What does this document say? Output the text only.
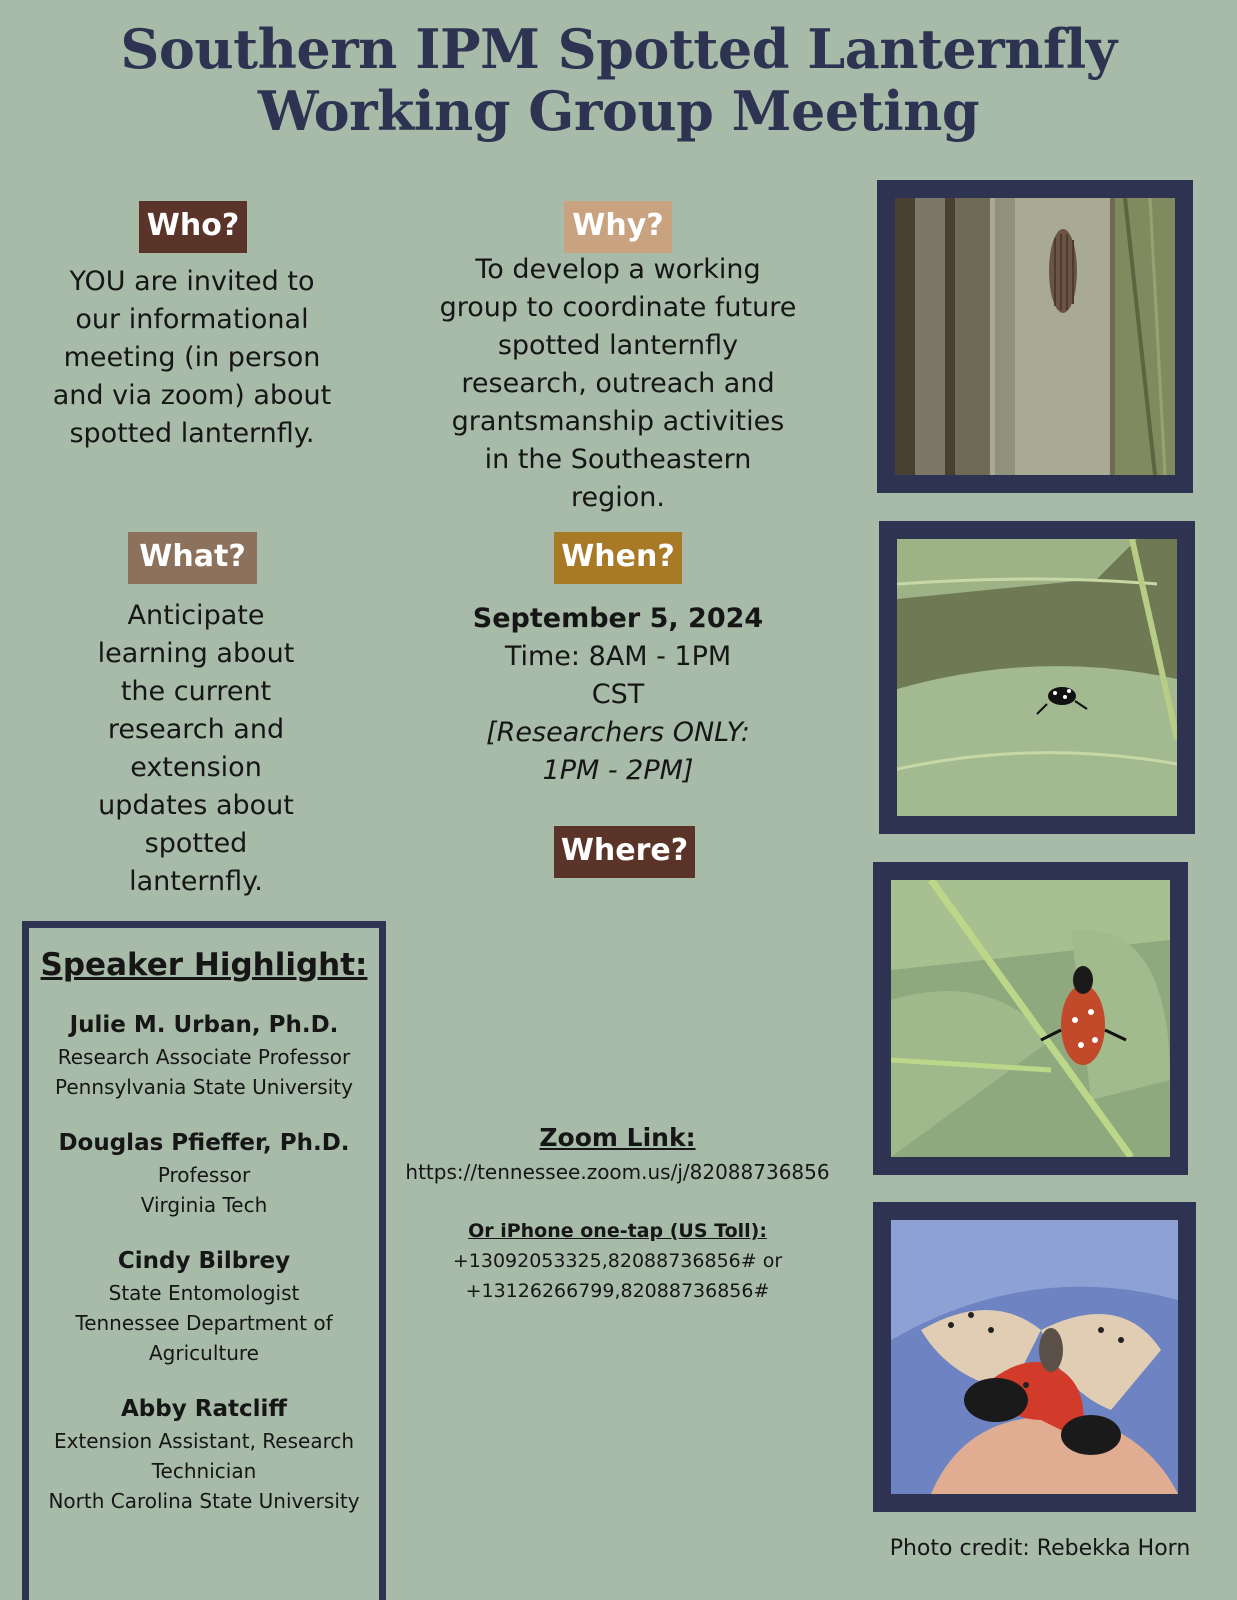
Southern IPM Spotted Lanternfly
Working Group Meeting
Who?
YOU are invited to our informational meeting (in person and via zoom) about spotted lanternfly.
Why?
To develop a working group to coordinate future spotted lanternfly research, outreach and grantsmanship activities in the Southeastern region.
What?
Anticipate learning about the current research and extension updates about spotted lanternfly.
When?
September 5, 2024
Time: 8AM - 1PM
CST
[Researchers ONLY:
1PM - 2PM]
Where?
Zoom Link:
https://tennessee.zoom.us/j/82088736856
Or iPhone one-tap (US Toll):
+13092053325,82088736856# or
+13126266799,82088736856#
Speaker Highlight:
Julie M. Urban, Ph.D.
Research Associate Professor
Pennsylvania State University
Douglas Pfieffer, Ph.D.
Professor
Virginia Tech
Cindy Bilbrey
State Entomologist
Tennessee Department of
Agriculture
Abby Ratcliff
Extension Assistant, Research
Technician
North Carolina State University
Photo credit: Rebekka Horn
